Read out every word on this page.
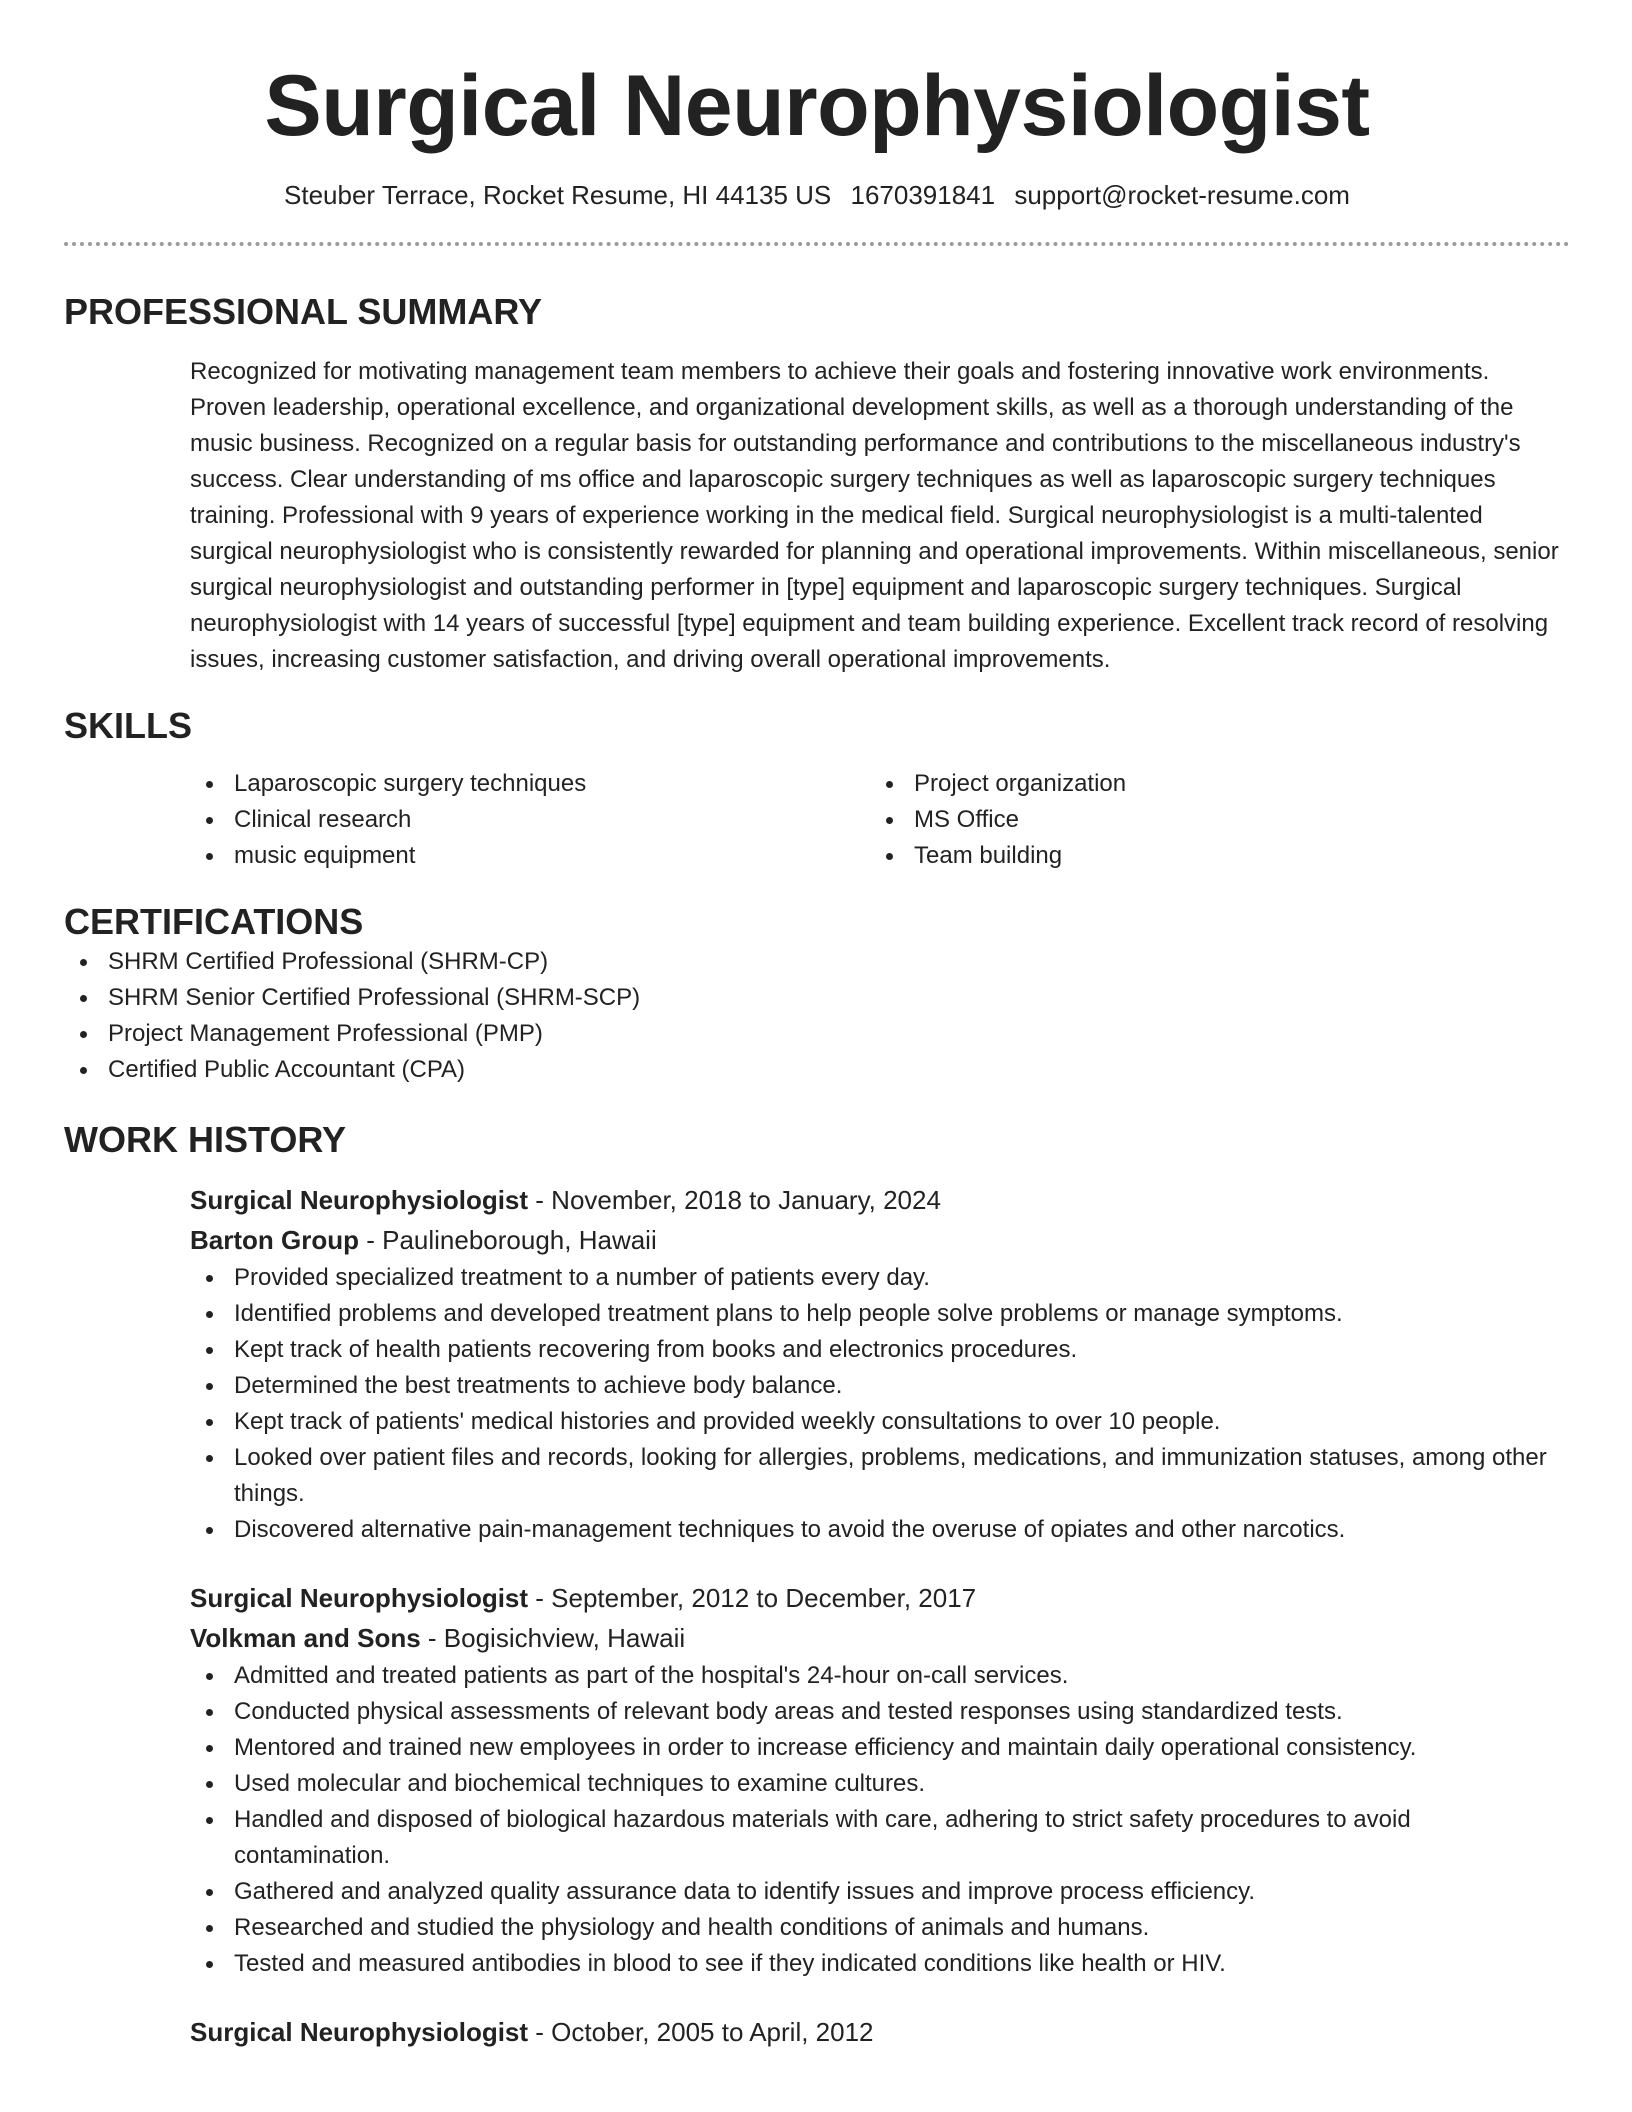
Surgical Neurophysiologist
Steuber Terrace, Rocket Resume, HI 44135 US 1670391841 support@rocket-resume.com
PROFESSIONAL SUMMARY
Recognized for motivating management team members to achieve their goals and fostering innovative work environments. Proven leadership, operational excellence, and organizational development skills, as well as a thorough understanding of the music business. Recognized on a regular basis for outstanding performance and contributions to the miscellaneous industry's success. Clear understanding of ms office and laparoscopic surgery techniques as well as laparoscopic surgery techniques training. Professional with 9 years of experience working in the medical field. Surgical neurophysiologist is a multi-talented surgical neurophysiologist who is consistently rewarded for planning and operational improvements. Within miscellaneous, senior surgical neurophysiologist and outstanding performer in [type] equipment and laparoscopic surgery techniques. Surgical neurophysiologist with 14 years of successful [type] equipment and team building experience. Excellent track record of resolving issues, increasing customer satisfaction, and driving overall operational improvements.
SKILLS
Laparoscopic surgery techniques
Clinical research
music equipment
Project organization
MS Office
Team building
CERTIFICATIONS
SHRM Certified Professional (SHRM-CP)
SHRM Senior Certified Professional (SHRM-SCP)
Project Management Professional (PMP)
Certified Public Accountant (CPA)
WORK HISTORY
Surgical Neurophysiologist - November, 2018 to January, 2024
Barton Group - Paulineborough, Hawaii
Provided specialized treatment to a number of patients every day.
Identified problems and developed treatment plans to help people solve problems or manage symptoms.
Kept track of health patients recovering from books and electronics procedures.
Determined the best treatments to achieve body balance.
Kept track of patients' medical histories and provided weekly consultations to over 10 people.
Looked over patient files and records, looking for allergies, problems, medications, and immunization statuses, among other things.
Discovered alternative pain-management techniques to avoid the overuse of opiates and other narcotics.
Surgical Neurophysiologist - September, 2012 to December, 2017
Volkman and Sons - Bogisichview, Hawaii
Admitted and treated patients as part of the hospital's 24-hour on-call services.
Conducted physical assessments of relevant body areas and tested responses using standardized tests.
Mentored and trained new employees in order to increase efficiency and maintain daily operational consistency.
Used molecular and biochemical techniques to examine cultures.
Handled and disposed of biological hazardous materials with care, adhering to strict safety procedures to avoid contamination.
Gathered and analyzed quality assurance data to identify issues and improve process efficiency.
Researched and studied the physiology and health conditions of animals and humans.
Tested and measured antibodies in blood to see if they indicated conditions like health or HIV.
Surgical Neurophysiologist - October, 2005 to April, 2012
